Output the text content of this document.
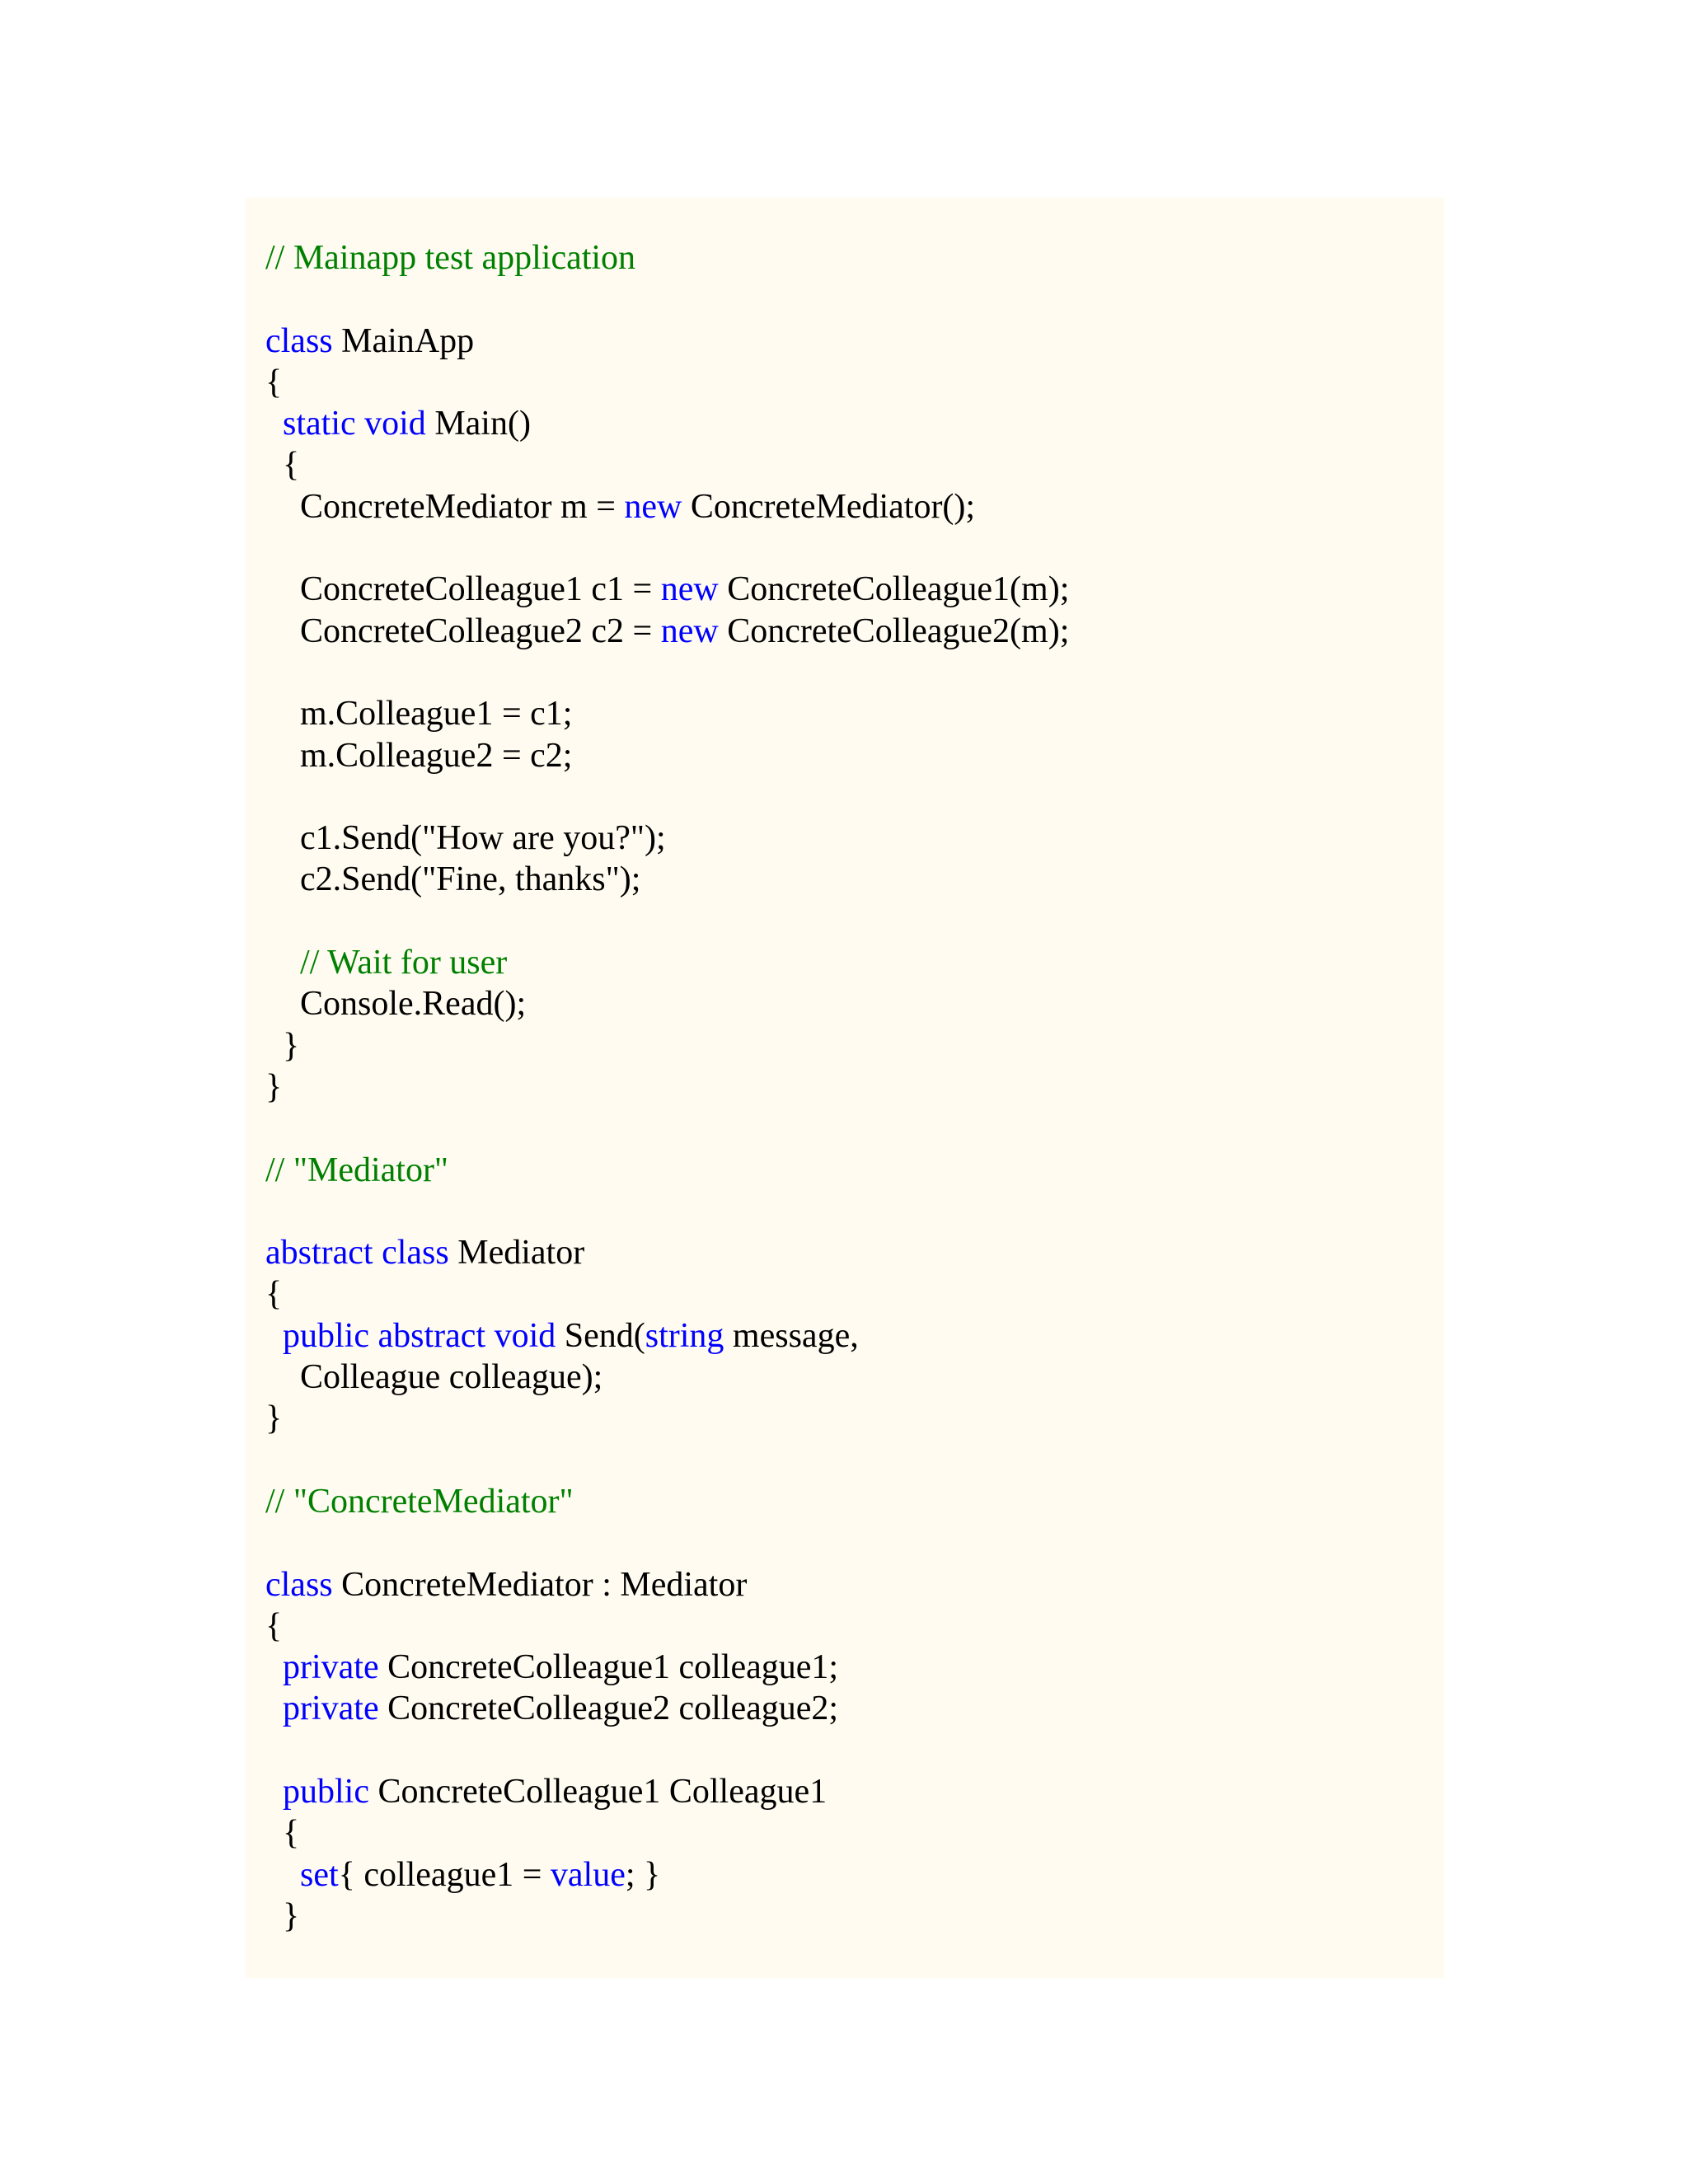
// Mainapp test application
class MainApp
{
static void Main()
{
ConcreteMediator m = new ConcreteMediator();
ConcreteColleague1 c1 = new ConcreteColleague1(m);
ConcreteColleague2 c2 = new ConcreteColleague2(m);
m.Colleague1 = c1;
m.Colleague2 = c2;
c1.Send("How are you?");
c2.Send("Fine, thanks");
// Wait for user
Console.Read();
}
}
// "Mediator"
abstract class Mediator
{
public abstract void Send(string message,
Colleague colleague);
}
// "ConcreteMediator"
class ConcreteMediator : Mediator
{
private ConcreteColleague1 colleague1;
private ConcreteColleague2 colleague2;
public ConcreteColleague1 Colleague1
{
set{ colleague1 = value; }
}
